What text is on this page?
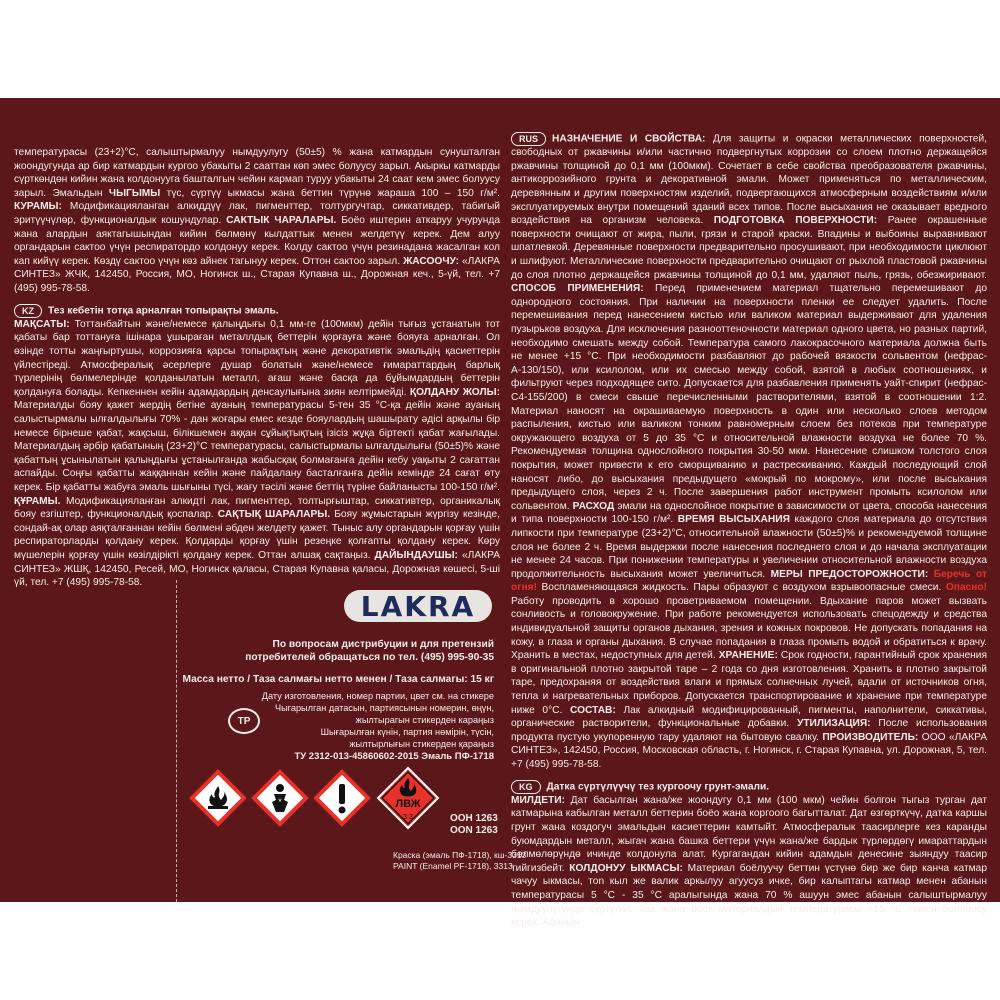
температурасы (23+2)°С, салыштырмалуу нымдуулугу (50±5) % жана катмардын сунушталган жоондугунда ар бир катмардын кургоо убакыты 2 сааттан көп эмес болуусу зарыл. Акыркы катмарды сүрткөндөн кийин жана колдонууга башталгыч чейин кармап туруу убакыты 24 саат кем эмес болуусу зарыл. Эмальдын ЧЫГЫМЫ түс, сүртүү ыкмасы жана беттин түрүнө жараша 100 – 150 г/м². КУРАМЫ: Модификацияланган алкиддүү лак, пигменттер, толтургучтар, сиккативдер, табигый эритүүчүлөр, функционалдык кошундулар. САКТЫК ЧАРАЛАРЫ. Боёо иштерин аткаруу учурунда жана алардын аяктагышындан кийин бөлмөнү кылдаттык менен желдетүү керек. Дем алуу органдарын сактоо үчүн респиратордо колдонуу керек. Колду сактоо үчүн резинадана жасалган кол кап кийүү керек. Көздү сактоо үчүн көз айнек тагынуу керек. Оттон сактоо зарыл. ЖАСООЧУ: «ЛАКРА СИНТЕЗ» ЖЧК, 142450, Россия, МО, Ногинск ш., Старая Купавна ш., Дорожная кеч., 5-үй, тел. +7 (495) 995-78-58.

KZ Тез кебетін тотқа арналған топырақты эмаль.

МАҚСАТЫ: Тоттанбайтын және/немесе қалыңдығы 0,1 мм-ге (100мкм) дейін тығыз ұстанатын тот қабаты бар тоттануға ішінара ұшыраған металлдық беттерін қорғауға және бояуға арналған. Ол өзінде тотты жаңғыртушы, коррозияға қарсы топырақтың және декоративтік эмальдің қасиеттерін үйлестіреді. Атмосфералық әсерлерге душар болатын және/немесе ғимараттардың барлық түрлерінің бөлмелерінде қолданылатын металл, ағаш және басқа да бұйымдардың беттерін қолдануға болады. Кепкеннен кейін адамдардың денсаулығына зиян келтірмейді. ҚОЛДАНУ ЖОЛЫ: Материалды бояу қажет жердің бетіне ауаның температурасы 5-тен 35 °С-қа дейін және ауаның салыстырмалы ылғалдылығы 70% - дан жоғары емес кезде бояулардың шашырату әдісі арқылы бір немесе бірнеше қабат, жақсыш, білікшемен аққан сұйықтықтың ізісіз жұқа біртекті қабат жағылады. Материалдың әрбір қабатының (23+2)°С температурасы, салыстырмалы ылғалдылығы (50±5)% және қабаттың ұсынылатын қалыңдығы ұстанылғанда жабысқақ болмағанға дейін кебу уақыты 2 сағаттан аспайды. Соңғы қабатты жаққаннан кейін және пайдалану басталғанға дейін кемінде 24 сағат өту керек. Бір қабатты жабуға эмаль шығыны түсі, жағу тәсілі және беттің түріне байланысты 100-150 г/м². ҚҰРАМЫ. Модификацияланған алкидті лак, пигменттер, толтырғыштар, сиккативтер, органикалық бояу езгіштер, функционалдық қоспалар. САҚТЫҚ ШАРАЛАРЫ. Бояу жұмыстарын жүргізу кезінде, сондай-ақ олар аяқталғаннан кейін бөлмені әбден желдету қажет. Тыныс алу органдарын қорғау үшін респираторларды қолдану керек. Қолдарды қорғау үшін резеңке қолғапты қолдану керек. Көру мүшелерін қорғау үшін көзілдірікті қолдану керек. Оттан алшақ сақтаңыз. ДАЙЫНДАУШЫ: «ЛАКРА СИНТЕЗ» ЖШҚ, 142450, Ресей, МО, Ногинск қаласы, Старая Купавна қаласы, Дорожная көшесі, 5-ші үй, тел. +7 (495) 995-78-58.

LAKRA
По вопросам дистрибуции и для претензий
потребителей обращаться по тел. (495) 995-90-35
Масса нетто / Таза салмағы нетто менен / Таза салмагы: 15 кг
Дату изготовления, номер партии, цвет см. на стикере
Чыгарылган датасын, партиясынын номерин, өңүн,
жылтырагын стикерден караңыз
Шығарылған күнін, партия нөмірін, түсін,
жылтырлығын стикерден қараңыз
ТР
ТУ 2312-013-45860602-2015 Эмаль ПФ-1718
ЛВЖ
3.3	ООН 1263
OON 1263
Краска (эмаль ПФ-1718), кш-3313
PAINT (Enamel PF-1718), 3313

RUS НАЗНАЧЕНИЕ И СВОЙСТВА: Для защиты и окраски металлических поверхностей, свободных от ржавчины и/или частично подвергнутых коррозии со слоем плотно держащейся ржавчины толщиной до 0,1 мм (100мкм). Сочетает в себе свойства преобразователя ржавчины, антикоррозийного грунта и декоративной эмали. Может применяться по металлическим, деревянным и другим поверхностям изделий, подвергающихся атмосферным воздействиям и/или эксплуатируемых внутри помещений зданий всех типов. После высыхания не оказывает вредного воздействия на организм человека. ПОДГОТОВКА ПОВЕРХНОСТИ: Ранее окрашенные поверхности очищают от жира, пыли, грязи и старой краски. Впадины и выбоины выравнивают шпатлевкой. Деревянные поверхности предварительно просушивают, при необходимости циклюют и шлифуют. Металлические поверхности предварительно очищают от рыхлой пластовой ржавчины до слоя плотно держащейся ржавчины толщиной до 0,1 мм, удаляют пыль, грязь, обезжиривают. СПОСОБ ПРИМЕНЕНИЯ: Перед применением материал тщательно перемешивают до однородного состояния. При наличии на поверхности пленки ее следует удалить. После перемешивания перед нанесением кистью или валиком материал выдерживают для удаления пузырьков воздуха. Для исключения разнооттеночности материал одного цвета, но разных партий, необходимо смешать между собой. Температура самого лакокрасочного материала должна быть не менее +15 °С. При необходимости разбавляют до рабочей вязкости сольвентом (нефрас-А-130/150), или ксилолом, или их смесью между собой, взятой в любых соотношениях, и фильтруют через подходящее сито. Допускается для разбавления применять уайт-спирит (нефрас-С4-155/200) в смеси свыше перечисленными растворителями, взятой в соотношении 1:2. Материал наносят на окрашиваемую поверхность в один или несколько слоев методом распыления, кистью или валиком тонким равномерным слоем без потеков при температуре окружающего воздуха от 5 до 35 °С и относительной влажности воздуха не более 70 %. Рекомендуемая толщина однослойного покрытия 30-50 мкм. Нанесение слишком толстого слоя покрытия, может привести к его сморщиванию и растрескиванию. Каждый последующий слой наносят либо, до высыхания предыдущего «мокрый по мокрому», или после высыхания предыдущего слоя, через 2 ч. После завершения работ инструмент промыть ксилолом или сольвентом. РАСХОД эмали на однослойное покрытие в зависимости от цвета, способа нанесения и типа поверхности 100-150 г/м². ВРЕМЯ ВЫСЫХАНИЯ каждого слоя материала до отсутствия липкости при температуре (23+2)°С, относительной влажности (50±5)% и рекомендуемой толщине слоя не более 2 ч. Время выдержки после нанесения последнего слоя и до начала эксплуатации не менее 24 часов. При понижении температуры и увеличении относительной влажности воздуха продолжительность высыхания может увеличиться. МЕРЫ ПРЕДОСТОРОЖНОСТИ: Беречь от огня! Воспламеняющаяся жидкость. Пары образуют с воздухом взрывоопасные смеси. Опасно! Работу проводить в хорошо проветриваемом помещении. Вдыхание паров может вызвать сонливость и головокружение. При работе рекомендуется использовать спецодежду и средства индивидуальной защиты органов дыхания, зрения и кожных покровов. Не допускать попадания на кожу, в глаза и органы дыхания. В случае попадания в глаза промыть водой и обратиться к врачу. Хранить в местах, недоступных для детей. ХРАНЕНИЕ: Срок годности, гарантийный срок хранения в оригинальной плотно закрытой таре – 2 года со дня изготовления. Хранить в плотно закрытой таре, предохраняя от воздействия влаги и прямых солнечных лучей, вдали от источников огня, тепла и нагревательных приборов. Допускается транспортирование и хранение при температуре ниже 0°С. СОСТАВ: Лак алкидный модифицированный, пигменты, наполнители, сиккативы, органические растворители, функциональные добавки. УТИЛИЗАЦИЯ: После использования продукта пустую укупоренную тару удаляют на бытовую свалку. ПРОИЗВОДИТЕЛЬ: ООО «ЛАКРА СИНТЕЗ», 142450, Россия, Московская область, г. Ногинск, г. Старая Купавна, ул. Дорожная, 5, тел. +7 (495) 995-78-58.

KG Датка сүртүлүүчү тез кургоочу грунт-эмали.

МИЛДЕТИ: Дат басылган жана/же жоондугу 0,1 мм (100 мкм) чейин болгон тыгыз турган дат катмарына кабылган металл беттерин боёо жана коргоого багытталат. Дат өзгөрткүчү, датка каршы грунт жана коздогуч эмальдын касиеттерин камтыйт. Атмосфералык таасирлерге кез каранды буюмдардын металл, жыгач жана башка беттери үчүн жана/же бардык түрлөрдөгү имараттардын бөлмөлөрүндө ичинде колдонула алат. Кургагандан кийин адамдын денесине зыяндуу таасир тийгизбейт. КОЛДОНУУ ЫКМАСЫ: Материал боёлуучу беттин үстүнө бир же бир канча катмар чачуу ыкмасы, тоn кыл же валик аркылуу агуусуз ичке, бир калыптагы катмар менен абанын температурасы 5 °С - 35 °С аралыгында жана 70 % ашуун эмес абанын салыштырмалуу нымдуулугунда сүртүлөт. Лак жана боёк материалдын температурасы +15 °С төмен болбоосу керек. Абанын
